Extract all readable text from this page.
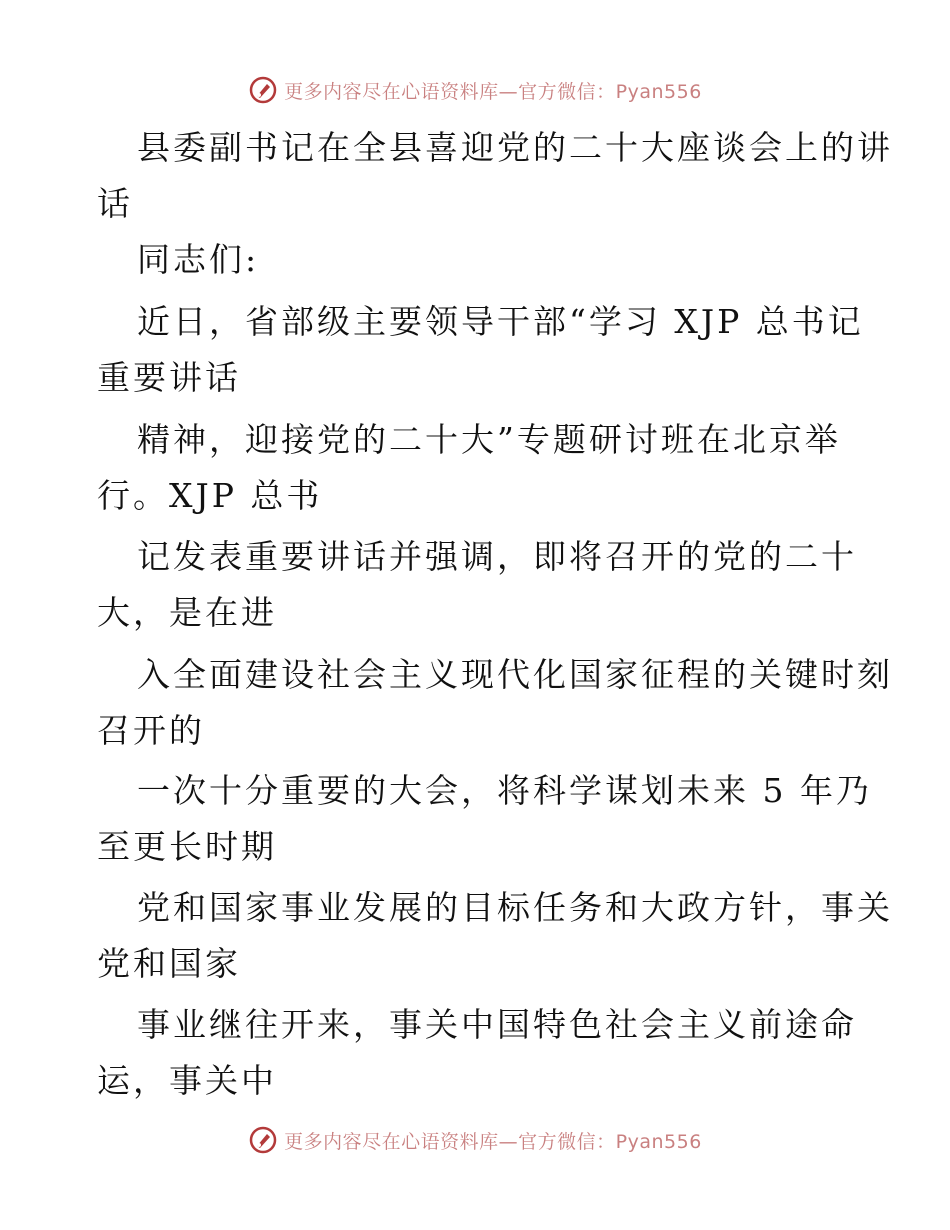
更多内容尽在心语资料库—官方微信：Pyan556
县委副书记在全县喜迎党的二十大座谈会上的讲
话
同志们:
近日，省部级主要领导干部“学习 XJP 总书记
重要讲话
精神，迎接党的二十大”专题研讨班在北京举
行。XJP 总书
记发表重要讲话并强调，即将召开的党的二十
大，是在进
入全面建设社会主义现代化国家征程的关键时刻
召开的
一次十分重要的大会，将科学谋划未来 5 年乃
至更长时期
党和国家事业发展的目标任务和大政方针，事关
党和国家
事业继往开来，事关中国特色社会主义前途命
运，事关中
更多内容尽在心语资料库—官方微信：Pyan556
